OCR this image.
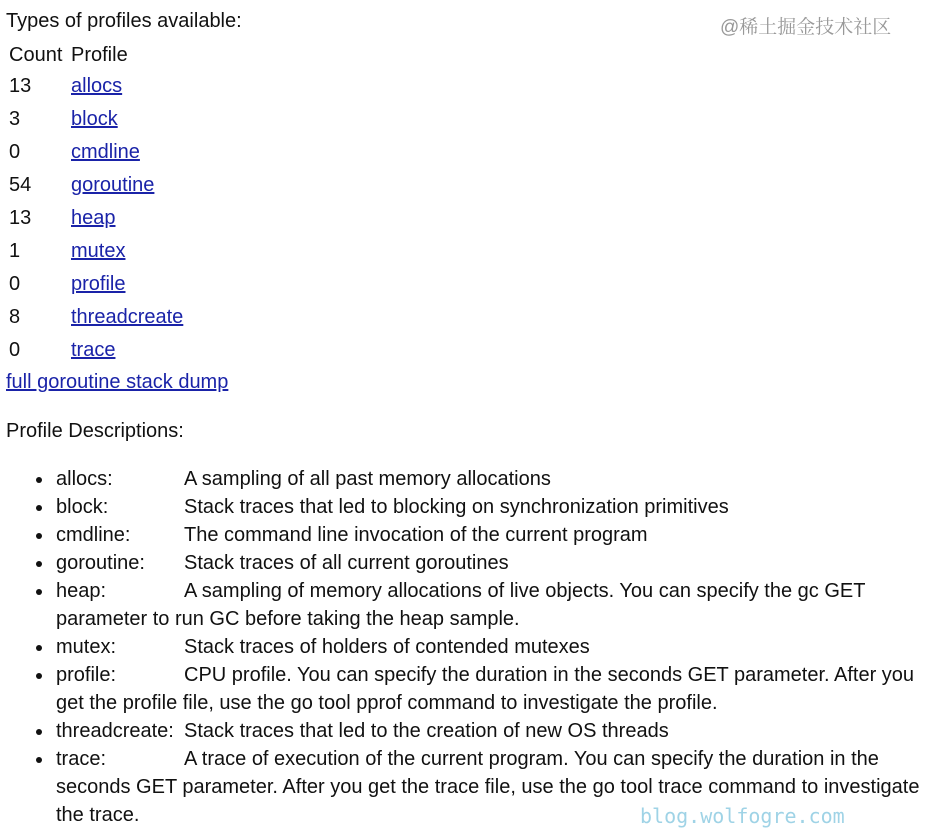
Types of profiles available:
Count	Profile
13	allocs
3	block
0	cmdline
54	goroutine
13	heap
1	mutex
0	profile
8	threadcreate
0	trace
full goroutine stack dump
Profile Descriptions:
allocs:	A sampling of all past memory allocations
block:	Stack traces that led to blocking on synchronization primitives
cmdline:	The command line invocation of the current program
goroutine: Stack traces of all current goroutines
heap:	A sampling of memory allocations of live objects. You can specify the gc GET parameter to run GC before taking the heap sample.
mutex:	Stack traces of holders of contended mutexes
profile:	CPU profile. You can specify the duration in the seconds GET parameter. After you get the profile file, use the go tool pprof command to investigate the profile.
threadcreate: Stack traces that led to the creation of new OS threads
trace:	A trace of execution of the current program. You can specify the duration in the seconds GET parameter. After you get the trace file, use the go tool trace command to investigate the trace.
@稀土掘金技术社区
blog.wolfogre.com
